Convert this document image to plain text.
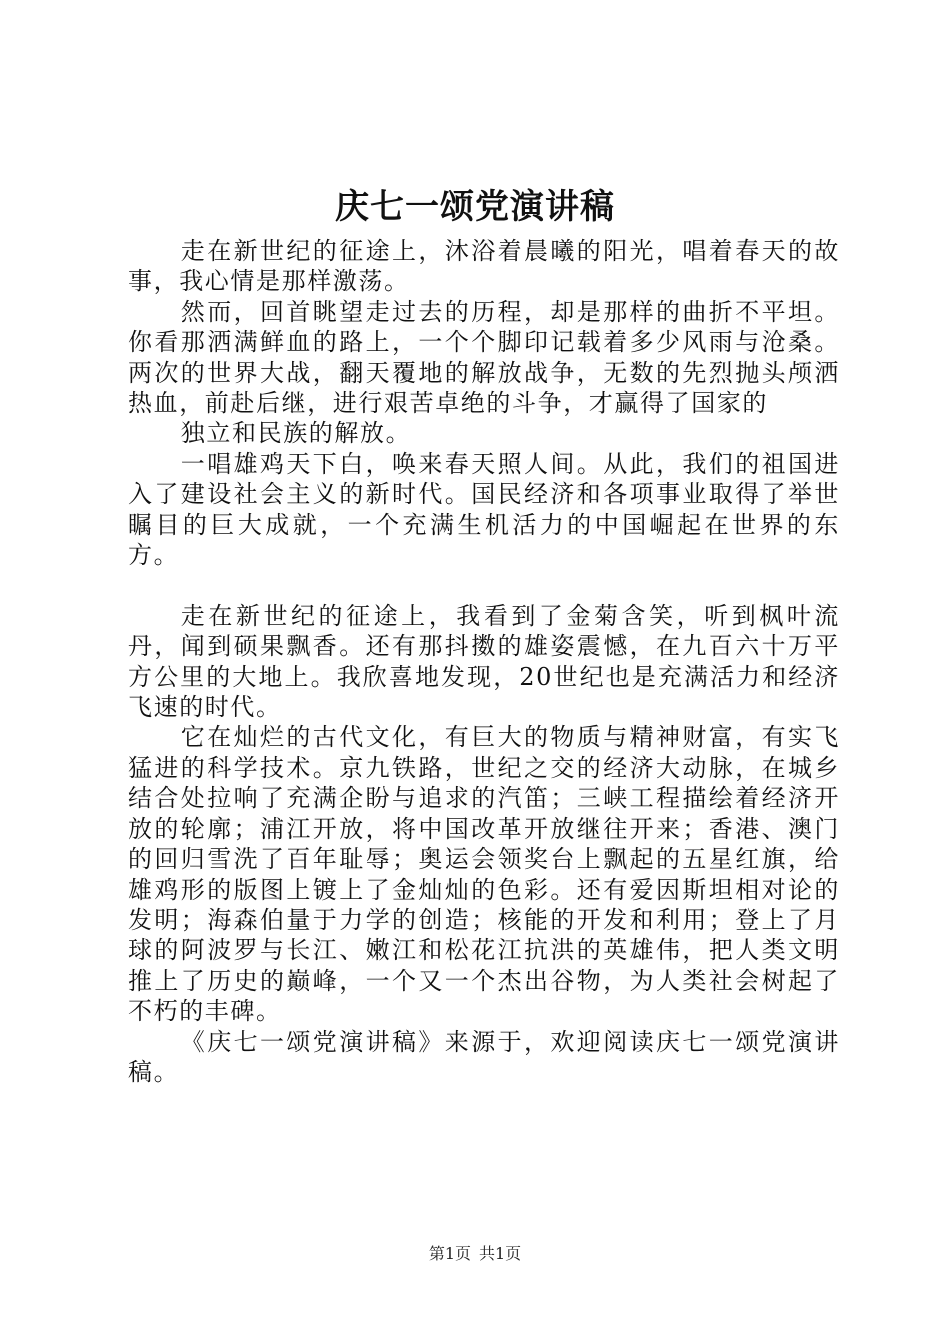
庆七一颂党演讲稿

走在新世纪的征途上，沐浴着晨曦的阳光，唱着春天的故事，我心情是那样激荡。

然而，回首眺望走过去的历程，却是那样的曲折不平坦。你看那洒满鲜血的路上，一个个脚印记载着多少风雨与沧桑。两次的世界大战，翻天覆地的解放战争，无数的先烈抛头颅洒热血，前赴后继，进行艰苦卓绝的斗争，才赢得了国家的

独立和民族的解放。

一唱雄鸡天下白，唤来春天照人间。从此，我们的祖国进入了建设社会主义的新时代。国民经济和各项事业取得了举世瞩目的巨大成就，一个充满生机活力的中国崛起在世界的东方。

走在新世纪的征途上，我看到了金菊含笑，听到枫叶流丹，闻到硕果飘香。还有那抖擞的雄姿震憾，在九百六十万平方公里的大地上。我欣喜地发现，20世纪也是充满活力和经济飞速的时代。

它在灿烂的古代文化，有巨大的物质与精神财富，有实飞猛进的科学技术。京九铁路，世纪之交的经济大动脉，在城乡结合处拉响了充满企盼与追求的汽笛；三峡工程描绘着经济开放的轮廓；浦江开放，将中国改革开放继往开来；香港、澳门的回归雪洗了百年耻辱；奥运会领奖台上飘起的五星红旗，给雄鸡形的版图上镀上了金灿灿的色彩。还有爱因斯坦相对论的发明；海森伯量于力学的创造；核能的开发和利用；登上了月球的阿波罗与长江、嫩江和松花江抗洪的英雄伟，把人类文明推上了历史的巅峰，一个又一个杰出谷物，为人类社会树起了不朽的丰碑。

《庆七一颂党演讲稿》来源于，欢迎阅读庆七一颂党演讲稿。

第1页 共1页
